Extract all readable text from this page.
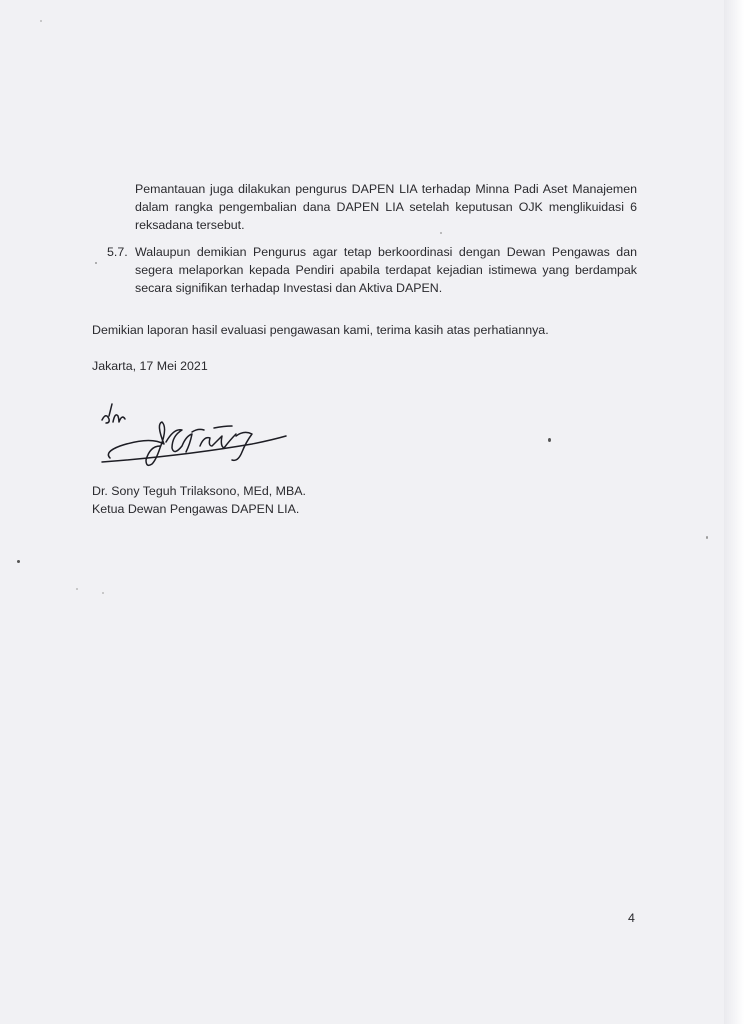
Pemantauan juga dilakukan pengurus DAPEN LIA terhadap Minna Padi Aset Manajemen dalam rangka pengembalian dana DAPEN LIA setelah keputusan OJK menglikuidasi 6 reksadana tersebut.

5.7. Walaupun demikian Pengurus agar tetap berkoordinasi dengan Dewan Pengawas dan segera melaporkan kepada Pendiri apabila terdapat kejadian istimewa yang berdampak secara signifikan terhadap Investasi dan Aktiva DAPEN.

Demikian laporan hasil evaluasi pengawasan kami, terima kasih atas perhatiannya.

Jakarta, 17 Mei 2021
Dr. Sony Teguh Trilaksono, MEd, MBA.
Ketua Dewan Pengawas DAPEN LIA.
4
